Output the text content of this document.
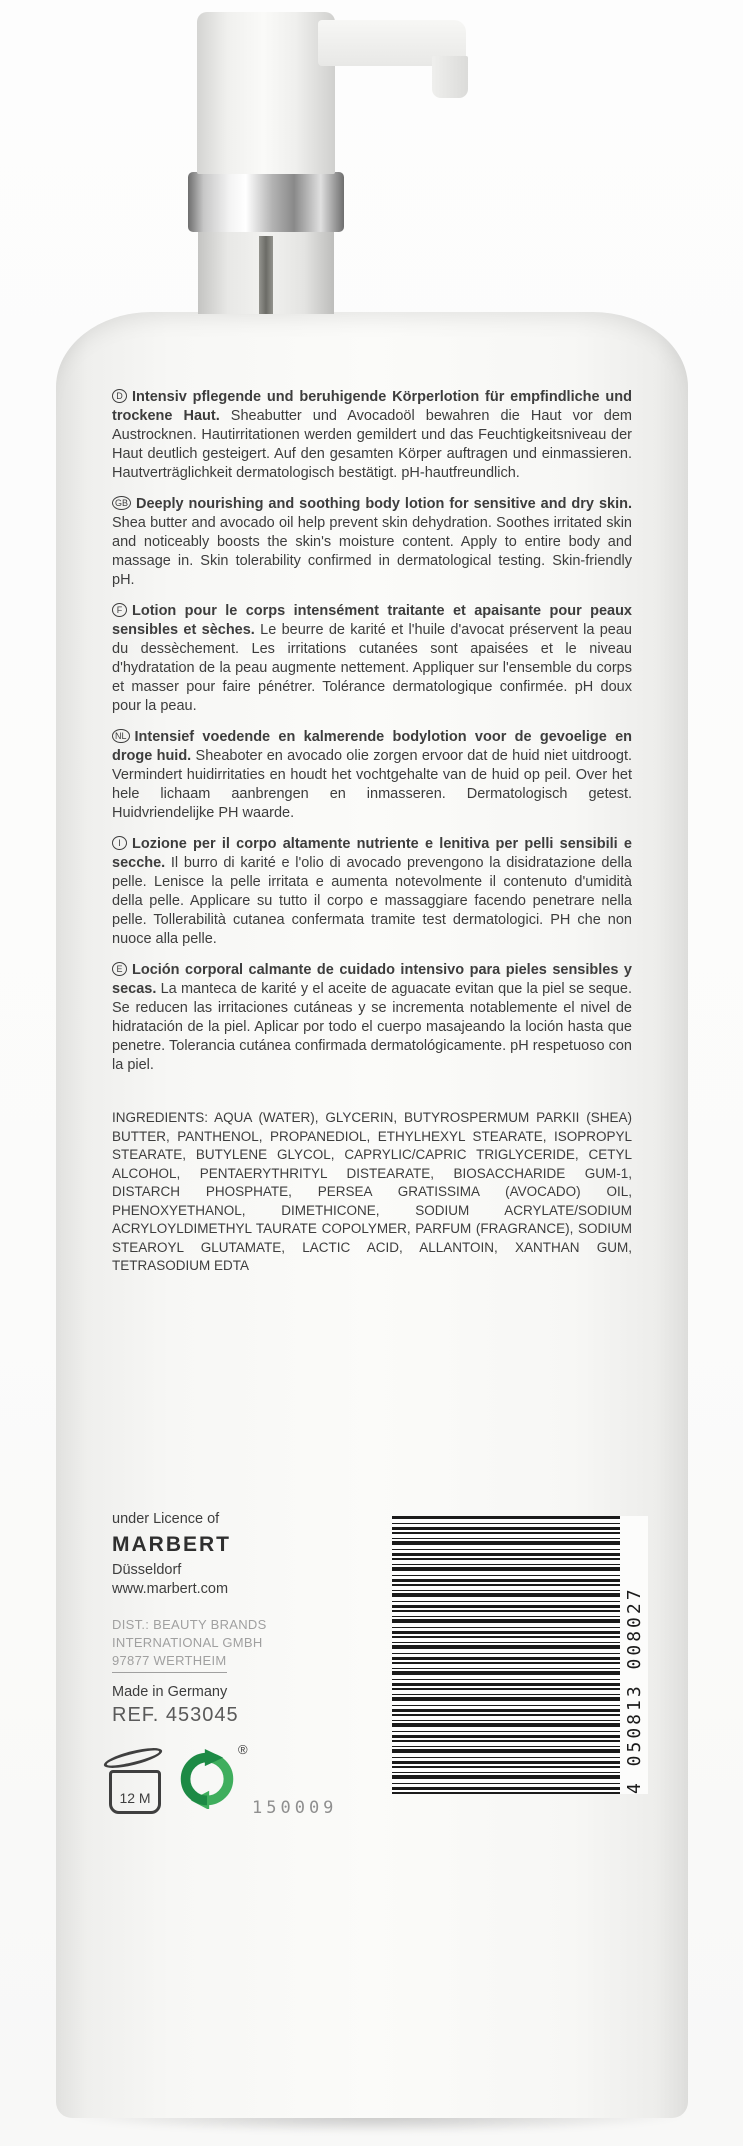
D Intensiv pflegende und beruhigende Körperlotion für empfindliche und trockene Haut. Sheabutter und Avocadoöl bewahren die Haut vor dem Austrocknen. Hautirritationen werden gemildert und das Feuchtigkeitsniveau der Haut deutlich gesteigert. Auf den gesamten Körper auftragen und einmassieren. Hautverträglichkeit dermatologisch bestätigt. pH-hautfreundlich.

GB Deeply nourishing and soothing body lotion for sensitive and dry skin. Shea butter and avocado oil help prevent skin dehydration. Soothes irritated skin and noticeably boosts the skin's moisture content. Apply to entire body and massage in. Skin tolerability confirmed in dermatological testing. Skin-friendly pH.

F Lotion pour le corps intensément traitante et apaisante pour peaux sensibles et sèches. Le beurre de karité et l'huile d'avocat préservent la peau du dessèchement. Les irritations cutanées sont apaisées et le niveau d'hydratation de la peau augmente nettement. Appliquer sur l'ensemble du corps et masser pour faire pénétrer. Tolérance dermatologique confirmée. pH doux pour la peau.

NL Intensief voedende en kalmerende bodylotion voor de gevoelige en droge huid. Sheaboter en avocado olie zorgen ervoor dat de huid niet uitdroogt. Vermindert huidirritaties en houdt het vochtgehalte van de huid op peil. Over het hele lichaam aanbrengen en inmasseren. Dermatologisch getest. Huidvriendelijke PH waarde.

I Lozione per il corpo altamente nutriente e lenitiva per pelli sensibili e secche. Il burro di karité e l'olio di avocado prevengono la disidratazione della pelle. Lenisce la pelle irritata e aumenta notevolmente il contenuto d'umidità della pelle. Applicare su tutto il corpo e massaggiare facendo penetrare nella pelle. Tollerabilità cutanea confermata tramite test dermatologici. PH che non nuoce alla pelle.

E Loción corporal calmante de cuidado intensivo para pieles sensibles y secas. La manteca de karité y el aceite de aguacate evitan que la piel se seque. Se reducen las irritaciones cutáneas y se incrementa notablemente el nivel de hidratación de la piel. Aplicar por todo el cuerpo masajeando la loción hasta que penetre. Tolerancia cutánea confirmada dermatológicamente. pH respetuoso con la piel.

INGREDIENTS: AQUA (WATER), GLYCERIN, BUTYROSPERMUM PARKII (SHEA) BUTTER, PANTHENOL, PROPANEDIOL, ETHYLHEXYL STEARATE, ISOPROPYL STEARATE, BUTYLENE GLYCOL, CAPRYLIC/CAPRIC TRIGLYCERIDE, CETYL ALCOHOL, PENTAERYTHRITYL DISTEARATE, BIOSACCHARIDE GUM-1, DISTARCH PHOSPHATE, PERSEA GRATISSIMA (AVOCADO) OIL, PHENOXYETHANOL, DIMETHICONE, SODIUM ACRYLATE/SODIUM ACRYLOYLDIMETHYL TAURATE COPOLYMER, PARFUM (FRAGRANCE), SODIUM STEAROYL GLUTAMATE, LACTIC ACID, ALLANTOIN, XANTHAN GUM, TETRASODIUM EDTA

under Licence of
MARBERT
Düsseldorf
www.marbert.com
DIST.: BEAUTY BRANDS
INTERNATIONAL GMBH
97877 WERTHEIM
Made in Germany
REF. 453045
12 M
®
150009
4 050813 008027
